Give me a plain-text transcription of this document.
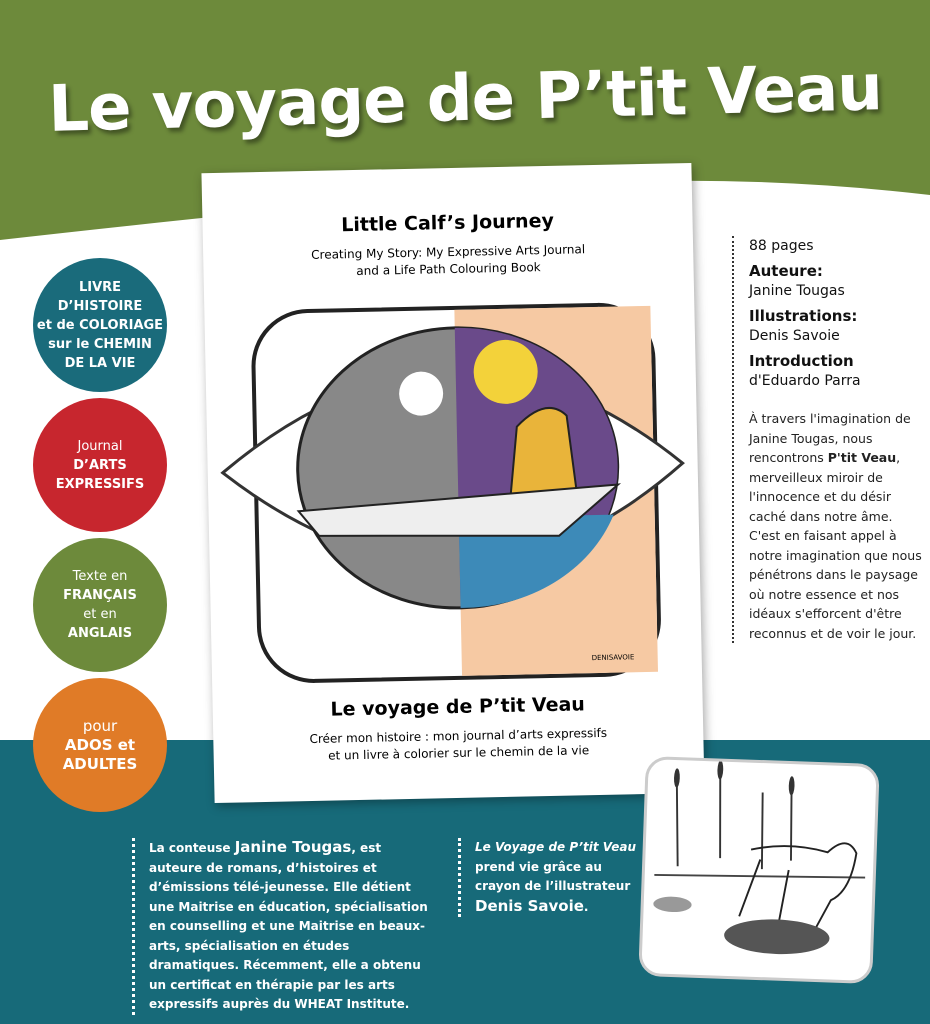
Le voyage de P’tit Veau
LIVRE
D’HISTOIRE
et de COLORIAGE
sur le CHEMIN
DE LA VIE
Journal
D’ARTS
EXPRESSIFS
Texte en
FRANÇAIS
et en
ANGLAIS
pour
ADOS et
ADULTES
Little Calf’s Journey
Creating My Story: My Expressive Arts Journal
and a Life Path Colouring Book
DENISAVOIE
Le voyage de P’tit Veau
Créer mon histoire : mon journal d’arts expressifs
et un livre à colorier sur le chemin de la vie
88 pages
Auteure:
Janine Tougas
Illustrations:
Denis Savoie
Introduction
d'Eduardo Parra

À travers l'imagination de Janine Tougas, nous rencontrons P'tit Veau, merveilleux miroir de l'innocence et du désir caché dans notre âme. C'est en faisant appel à notre imagination que nous pénétrons dans le paysage où notre essence et nos idéaux s'efforcent d'être reconnus et de voir le jour.

La conteuse Janine Tougas, est auteure de romans, d’histoires et d’émissions télé-jeunesse. Elle détient une Maitrise en éducation, spécialisation en counselling et une Maitrise en beaux-arts, spécialisation en études dramatiques. Récemment, elle a obtenu un certificat en thérapie par les arts expressifs auprès du WHEAT Institute.
Le Voyage de P’tit Veau prend vie grâce au crayon de l’illustrateur Denis Savoie.
